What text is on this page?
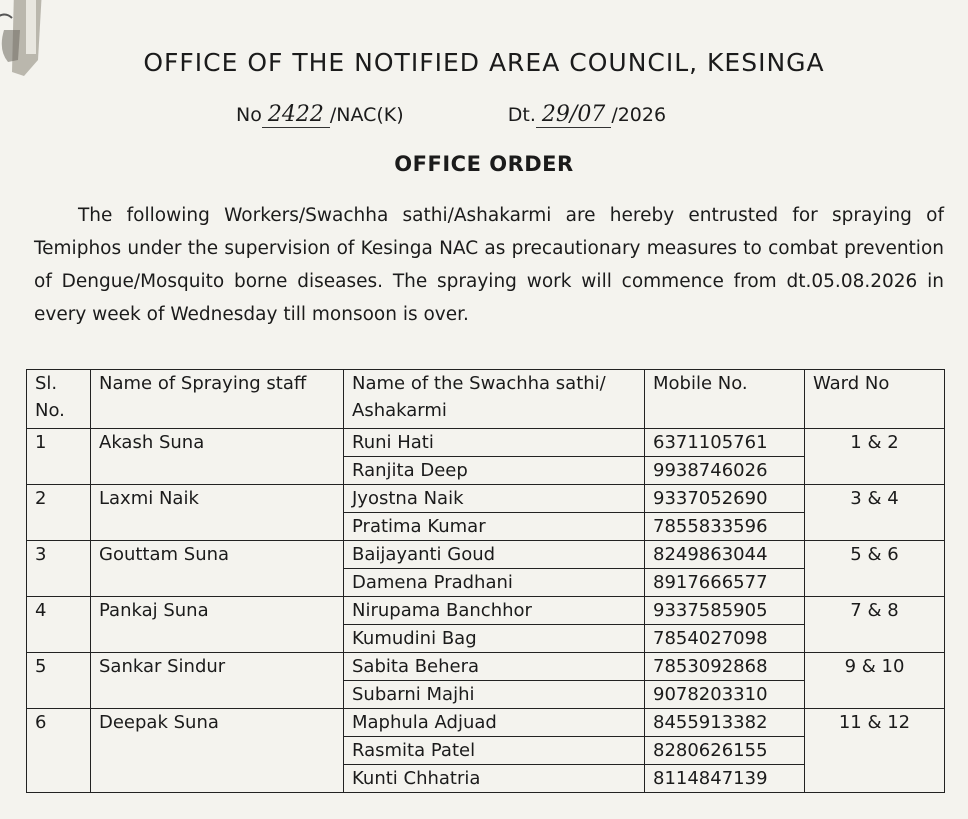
OFFICE OF THE NOTIFIED AREA COUNCIL, KESINGA
No 2422 /NAC(K)	Dt. 29/07 /2026
OFFICE ORDER
The following Workers/Swachha sathi/Ashakarmi are hereby entrusted for spraying of Temiphos under the supervision of Kesinga NAC as precautionary measures to combat prevention of Dengue/Mosquito borne diseases. The spraying work will commence from dt.05.08.2026 in every week of Wednesday till monsoon is over.
Sl. No.	Name of Spraying staff	Name of the Swachha sathi/ Ashakarmi	Mobile No.	Ward No
1	Akash Suna	Runi Hati	6371105761	1 & 2
		Ranjita Deep	9938746026	
2	Laxmi Naik	Jyostna Naik	9337052690	3 & 4
		Pratima Kumar	7855833596	
3	Gouttam Suna	Baijayanti Goud	8249863044	5 & 6
		Damena Pradhani	8917666577	
4	Pankaj Suna	Nirupama Banchhor	9337585905	7 & 8
		Kumudini Bag	7854027098	
5	Sankar Sindur	Sabita Behera	7853092868	9 & 10
		Subarni Majhi	9078203310	
6	Deepak Suna	Maphula Adjuad	8455913382	11 & 12
		Rasmita Patel	8280626155	
		Kunti Chhatria	8114847139	
